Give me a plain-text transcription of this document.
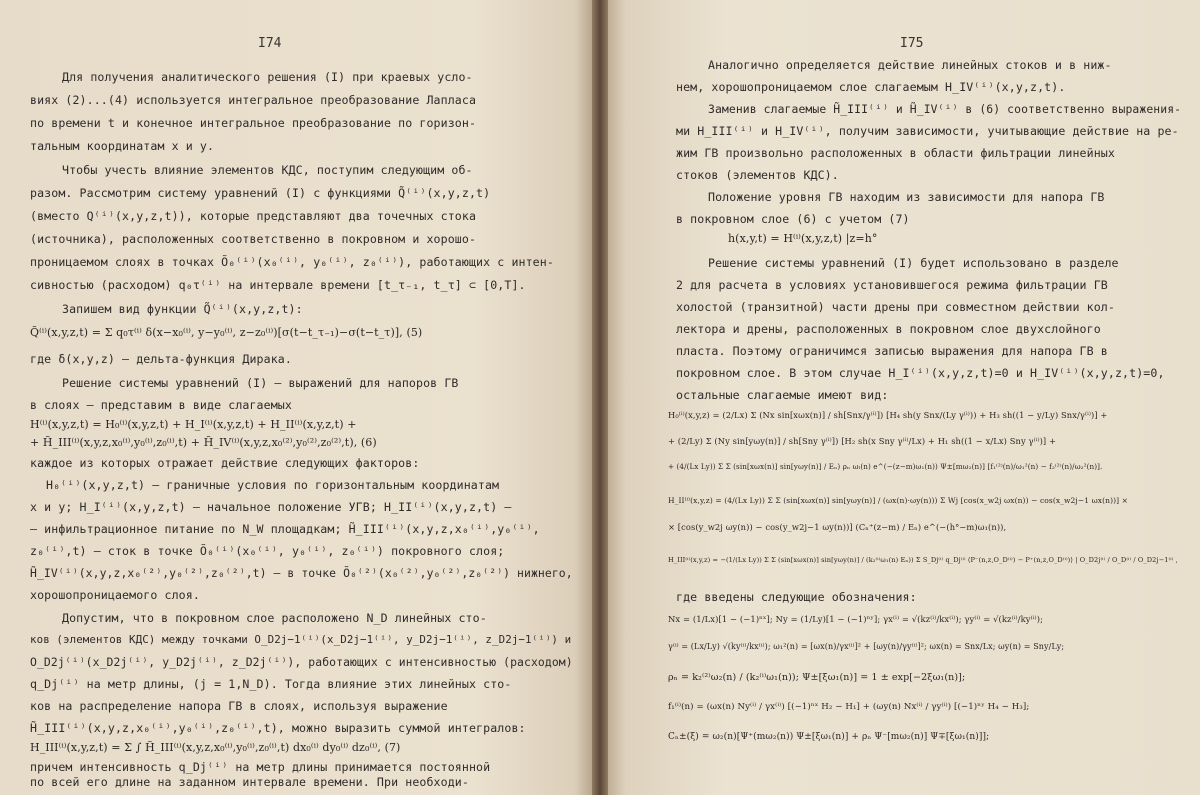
I74
Для получения аналитического решения (I) при краевых усло-
виях (2)...(4) используется интегральное преобразование Лапласа
по времени t и конечное интегральное преобразование по горизон-
тальным координатам x и y.
Чтобы учесть влияние элементов КДС, поступим следующим об-
разом. Рассмотрим систему уравнений (I) с функциями Q̃⁽ⁱ⁾(x,y,z,t)
(вместо Q⁽ⁱ⁾(x,y,z,t)), которые представляют два точечных стока
(источника), расположенных соответственно в покровном и хорошо-
проницаемом слоях в точках Õ₀⁽ⁱ⁾(x₀⁽ⁱ⁾, y₀⁽ⁱ⁾, z₀⁽ⁱ⁾), работающих с интен-
сивностью (расходом) q₀τ⁽ⁱ⁾ на интервале времени [t_τ₋₁, t_τ] ⊂ [0,T].
Запишем вид функции Q̃⁽ⁱ⁾(x,y,z,t):
Q̃⁽ⁱ⁾(x,y,z,t) = Σ q₀τ⁽ⁱ⁾ δ(x−x₀⁽ⁱ⁾, y−y₀⁽ⁱ⁾, z−z₀⁽ⁱ⁾)[σ(t−t_τ₋₁)−σ(t−t_τ)], (5)
где δ(x,y,z) – дельта-функция Дирака.
Решение системы уравнений (I) – выражений для напоров ГВ
в слоях – представим в виде слагаемых
H⁽ⁱ⁾(x,y,z,t) = H₀⁽ⁱ⁾(x,y,z,t) + H_I⁽ⁱ⁾(x,y,z,t) + H_II⁽ⁱ⁾(x,y,z,t) +
+ H̃_III⁽ⁱ⁾(x,y,z,x₀⁽ⁱ⁾,y₀⁽ⁱ⁾,z₀⁽ⁱ⁾,t) + H̃_IV⁽ⁱ⁾(x,y,z,x₀⁽²⁾,y₀⁽²⁾,z₀⁽²⁾,t), (6)
каждое из которых отражает действие следующих факторов:
H₀⁽ⁱ⁾(x,y,z,t) – граничные условия по горизонтальным координатам
x и y; H_I⁽ⁱ⁾(x,y,z,t) – начальное положение УГВ; H_II⁽ⁱ⁾(x,y,z,t) –
– инфильтрационное питание по N_W площадкам; H̃_III⁽ⁱ⁾(x,y,z,x₀⁽ⁱ⁾,y₀⁽ⁱ⁾,
z₀⁽ⁱ⁾,t) – сток в точке Õ₀⁽ⁱ⁾(x₀⁽ⁱ⁾, y₀⁽ⁱ⁾, z₀⁽ⁱ⁾) покровного слоя;
H̃_IV⁽ⁱ⁾(x,y,z,x₀⁽²⁾,y₀⁽²⁾,z₀⁽²⁾,t) – в точке Õ₀⁽²⁾(x₀⁽²⁾,y₀⁽²⁾,z₀⁽²⁾) нижнего,
хорошопроницаемого слоя.
Допустим, что в покровном слое расположено N_D линейных сто-
ков (элементов КДС) между точками O_D2j−1⁽ⁱ⁾(x_D2j−1⁽ⁱ⁾, y_D2j−1⁽ⁱ⁾, z_D2j−1⁽ⁱ⁾) и
O_D2j⁽ⁱ⁾(x_D2j⁽ⁱ⁾, y_D2j⁽ⁱ⁾, z_D2j⁽ⁱ⁾), работающих с интенсивностью (расходом)
q_Dj⁽ⁱ⁾ на метр длины, (j = 1,N_D). Тогда влияние этих линейных сто-
ков на распределение напора ГВ в слоях, используя выражение
H̃_III⁽ⁱ⁾(x,y,z,x₀⁽ⁱ⁾,y₀⁽ⁱ⁾,z₀⁽ⁱ⁾,t), можно выразить суммой интегралов:
H_III⁽ⁱ⁾(x,y,z,t) = Σ ∫ H̃_III⁽ⁱ⁾(x,y,z,x₀⁽ⁱ⁾,y₀⁽ⁱ⁾,z₀⁽ⁱ⁾,t) dx₀⁽ⁱ⁾ dy₀⁽ⁱ⁾ dz₀⁽ⁱ⁾, (7)
причем интенсивность q_Dj⁽ⁱ⁾ на метр длины принимается постоянной
по всей его длине на заданном интервале времени. При необходи-
I75
Аналогично определяется действие линейных стоков и в ниж-
нем, хорошопроницаемом слое слагаемым H_IV⁽ⁱ⁾(x,y,z,t).
Заменив слагаемые H̃_III⁽ⁱ⁾ и H̃_IV⁽ⁱ⁾ в (6) соответственно выражения-
ми H_III⁽ⁱ⁾ и H_IV⁽ⁱ⁾, получим зависимости, учитывающие действие на ре-
жим ГВ произвольно расположенных в области фильтрации линейных
стоков (элементов КДС).
Положение уровня ГВ находим из зависимости для напора ГВ
в покровном слое (6) с учетом (7)
h(x,y,t) = H⁽ⁱ⁾(x,y,z,t) |z=h°
Решение системы уравнений (I) будет использовано в разделе
2 для расчета в условиях установившегося режима фильтрации ГВ
холостой (транзитной) части дрены при совместном действии кол-
лектора и дрены, расположенных в покровном слое двухслойного
пласта. Поэтому ограничимся записью выражения для напора ГВ в
покровном слое. В этом случае H_I⁽ⁱ⁾(x,y,z,t)=0 и H_IV⁽ⁱ⁾(x,y,z,t)=0,
остальные слагаемые имеют вид:
H₀⁽ⁱ⁾(x,y,z) = (2/Lx) Σ (Nx sin[xωx(n)] / sh[Snx/γ⁽ⁱ⁾]) [H₄ sh(y Snx/(Ly γ⁽ⁱ⁾)) + H₃ sh((1 − y/Ly) Snx/γ⁽ⁱ⁾)] +
+ (2/Ly) Σ (Ny sin[yωy(n)] / sh[Sny γ⁽ⁱ⁾]) [H₂ sh(x Sny γ⁽ⁱ⁾/Lx) + H₁ sh((1 − x/Lx) Sny γ⁽ⁱ⁾)] +
+ (4/(Lx Ly)) Σ Σ (sin[xωx(n)] sin[yωy(n)] / Eₙ) ρₙ ωₗ(n) e^(−(z−m)ω₁(n)) Ψ±[mω₂(n)] [f₁⁽²⁾(n)/ω₁²(n) − f₂⁽²⁾(n)/ω₂²(n)].
H_II⁽ⁱ⁾(x,y,z) = (4/(Lx Ly)) Σ Σ (sin[xωx(n)] sin[yωy(n)] / (ωx(n)·ωy(n))) Σ Wj [cos(x_w2j ωx(n)) − cos(x_w2j−1 ωx(n))] ×
× [cos(y_w2j ωy(n)) − cos(y_w2j−1 ωy(n))] (Cₙ⁺(z−m) / Eₙ) e^(−(h°−m)ω₁(n)),
H_III⁽ⁱ⁾(x,y,z) = −(1/(Lx Ly)) Σ Σ (sin[xωx(n)] sin[yωy(n)] / (k₂⁽ⁱ⁾ω₁(n) Eₙ)) Σ S_Dj⁽ⁱ⁾ q_Dj⁽ⁱ⁾ ⟨P⁻(n,z,O_D⁽ⁱ⁾) − P⁺(n,z,O_D⁽ⁱ⁾)⟩ | O_D2j⁽ⁱ⁾ / O_D⁽ⁱ⁾ / O_D2j−1⁽ⁱ⁾ ,
где введены следующие обозначения:
Nx = (1/Lx)[1 − (−1)ⁿˣ]; Ny = (1/Ly)[1 − (−1)ⁿʸ]; γx⁽ⁱ⁾ = √(kz⁽ⁱ⁾/kx⁽ⁱ⁾); γy⁽ⁱ⁾ = √(kz⁽ⁱ⁾/ky⁽ⁱ⁾);
γ⁽ⁱ⁾ = (Lx/Ly) √(ky⁽ⁱ⁾/kx⁽ⁱ⁾); ω₁²(n) = [ωx(n)/γx⁽ⁱ⁾]² + [ωy(n)/γy⁽ⁱ⁾]²; ωx(n) = Snx/Lx; ωy(n) = Sny/Ly;
ρₙ = k₂⁽²⁾ω₂(n) / (k₂⁽ⁱ⁾ω₁(n)); Ψ±[ξω₁(n)] = 1 ± exp[−2ξω₁(n)];
f₁⁽ⁱ⁾(n) = (ωx(n) Ny⁽ⁱ⁾ / γx⁽ⁱ⁾) [(−1)ⁿˣ H₂ − H₁] + (ωy(n) Nx⁽ⁱ⁾ / γy⁽ⁱ⁾) [(−1)ⁿʸ H₄ − H₃];
Cₙ±(ξ) = ω₂(n)[Ψ⁺(mω₂(n)) Ψ±[ξω₁(n)] + ρₙ Ψ⁻[mω₂(n)] Ψ∓[ξω₁(n)]];
